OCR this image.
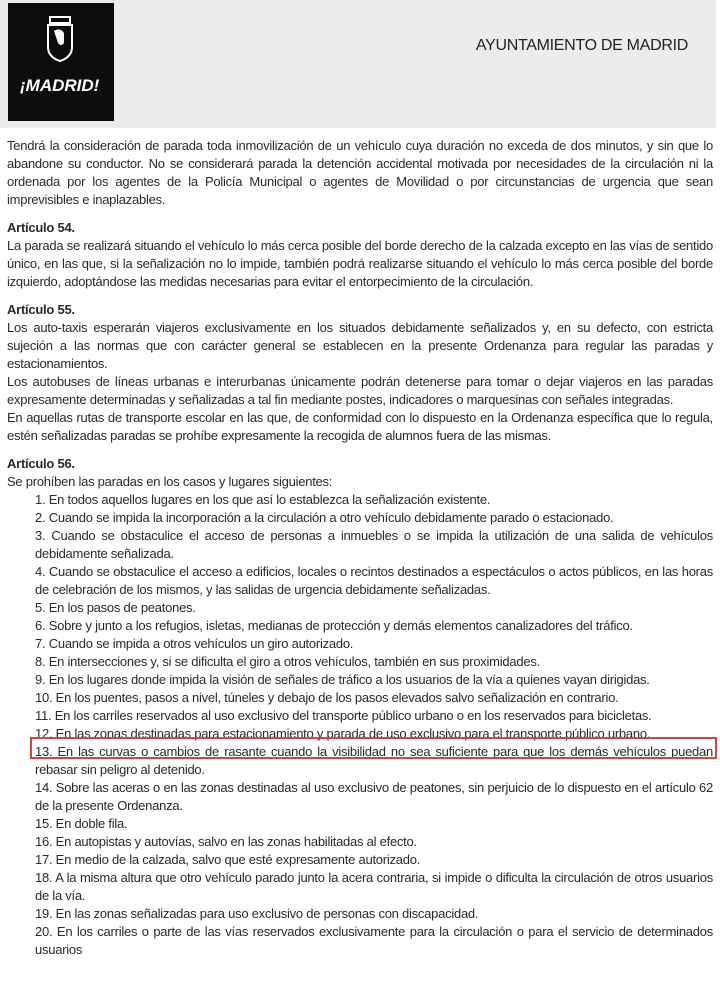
¡MADRID!
AYUNTAMIENTO DE MADRID

Tendrá la consideración de parada toda inmovilización de un vehículo cuya duración no exceda de dos minutos, y sin que lo abandone su conductor. No se considerará parada la detención accidental motivada por necesidades de la circulación ni la ordenada por los agentes de la Policía Municipal o agentes de Movilidad o por circunstancias de urgencia que sean imprevisibles e inaplazables.

Artículo 54.

La parada se realizará situando el vehículo lo más cerca posible del borde derecho de la calzada excepto en las vías de sentido único, en las que, si la señalización no lo impide, también podrá realizarse situando el vehículo lo más cerca posible del borde izquierdo, adoptándose las medidas necesarias para evitar el entorpecimiento de la circulación.

Artículo 55.

Los auto-taxis esperarán viajeros exclusivamente en los situados debidamente señalizados y, en su defecto, con estricta sujeción a las normas que con carácter general se establecen en la presente Ordenanza para regular las paradas y estacionamientos.

Los autobuses de líneas urbanas e interurbanas únicamente podrán detenerse para tomar o dejar viajeros en las paradas expresamente determinadas y señalizadas a tal fin mediante postes, indicadores o marquesinas con señales integradas.

En aquellas rutas de transporte escolar en las que, de conformidad con lo dispuesto en la Ordenanza específica que lo regula, estén señalizadas paradas se prohíbe expresamente la recogida de alumnos fuera de las mismas.

Artículo 56.

Se prohíben las paradas en los casos y lugares siguientes:

1. En todos aquellos lugares en los que así lo establezca la señalización existente.
2. Cuando se impida la incorporación a la circulación a otro vehículo debidamente parado o estacionado.
3. Cuando se obstaculice el acceso de personas a inmuebles o se impida la utilización de una salida de vehículos debidamente señalizada.
4. Cuando se obstaculice el acceso a edificios, locales o recintos destinados a espectáculos o actos públicos, en las horas de celebración de los mismos, y las salidas de urgencia debidamente señalizadas.
5. En los pasos de peatones.
6. Sobre y junto a los refugios, isletas, medianas de protección y demás elementos canalizadores del tráfico.
7. Cuando se impida a otros vehículos un giro autorizado.
8. En intersecciones y, si se dificulta el giro a otros vehículos, también en sus proximidades.
9. En los lugares donde impida la visión de señales de tráfico a los usuarios de la vía a quienes vayan dirigidas.
10. En los puentes, pasos a nivel, túneles y debajo de los pasos elevados salvo señalización en contrario.
11. En los carriles reservados al uso exclusivo del transporte público urbano o en los reservados para bicicletas.
12. En las zonas destinadas para estacionamiento y parada de uso exclusivo para el transporte público urbano.
13. En las curvas o cambios de rasante cuando la visibilidad no sea suficiente para que los demás vehículos puedan rebasar sin peligro al detenido.
14. Sobre las aceras o en las zonas destinadas al uso exclusivo de peatones, sin perjuicio de lo dispuesto en el artículo 62 de la presente Ordenanza.
15. En doble fila.
16. En autopistas y autovías, salvo en las zonas habilitadas al efecto.
17. En medio de la calzada, salvo que esté expresamente autorizado.
18. A la misma altura que otro vehículo parado junto la acera contraria, si impide o dificulta la circulación de otros usuarios de la vía.
19. En las zonas señalizadas para uso exclusivo de personas con discapacidad.
20. En los carriles o parte de las vías reservados exclusivamente para la circulación o para el servicio de determinados usuarios
